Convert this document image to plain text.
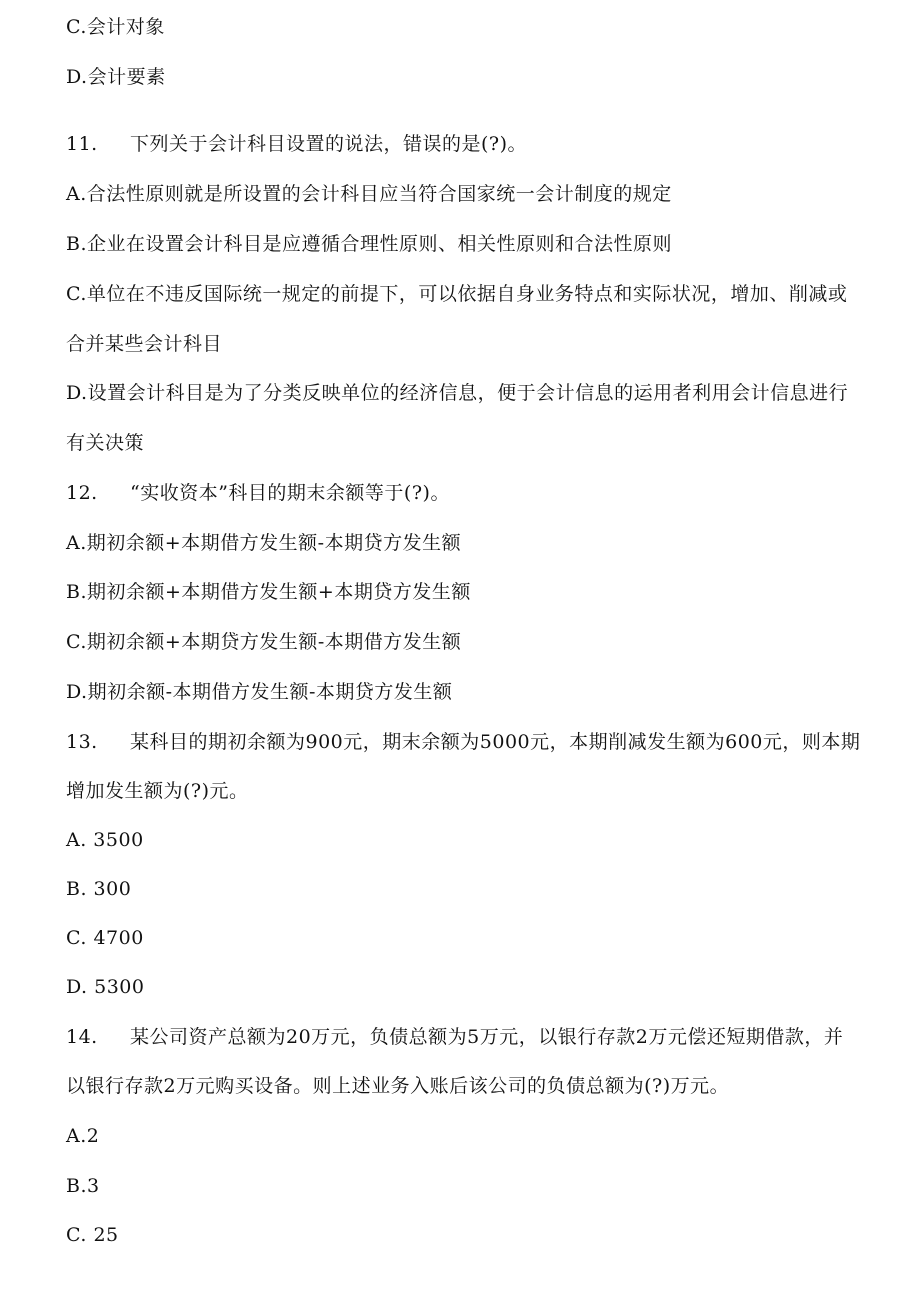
C.会计对象
D.会计要素
11. 下列关于会计科目设置的说法，错误的是(?)。
A.合法性原则就是所设置的会计科目应当符合国家统一会计制度的规定
B.企业在设置会计科目是应遵循合理性原则、相关性原则和合法性原则
C.单位在不违反国际统一规定的前提下，可以依据自身业务特点和实际状况，增加、削减或
合并某些会计科目
D.设置会计科目是为了分类反映单位的经济信息，便于会计信息的运用者利用会计信息进行
有关决策
12. “实收资本”科目的期末余额等于(?)。
A.期初余额+本期借方发生额-本期贷方发生额
B.期初余额+本期借方发生额+本期贷方发生额
C.期初余额+本期贷方发生额-本期借方发生额
D.期初余额-本期借方发生额-本期贷方发生额
13. 某科目的期初余额为900元，期末余额为5000元，本期削减发生额为600元，则本期
增加发生额为(?)元。
A. 3500
B. 300
C. 4700
D. 5300
14. 某公司资产总额为20万元，负债总额为5万元，以银行存款2万元偿还短期借款，并
以银行存款2万元购买设备。则上述业务入账后该公司的负债总额为(?)万元。
A.2
B.3
C. 25
